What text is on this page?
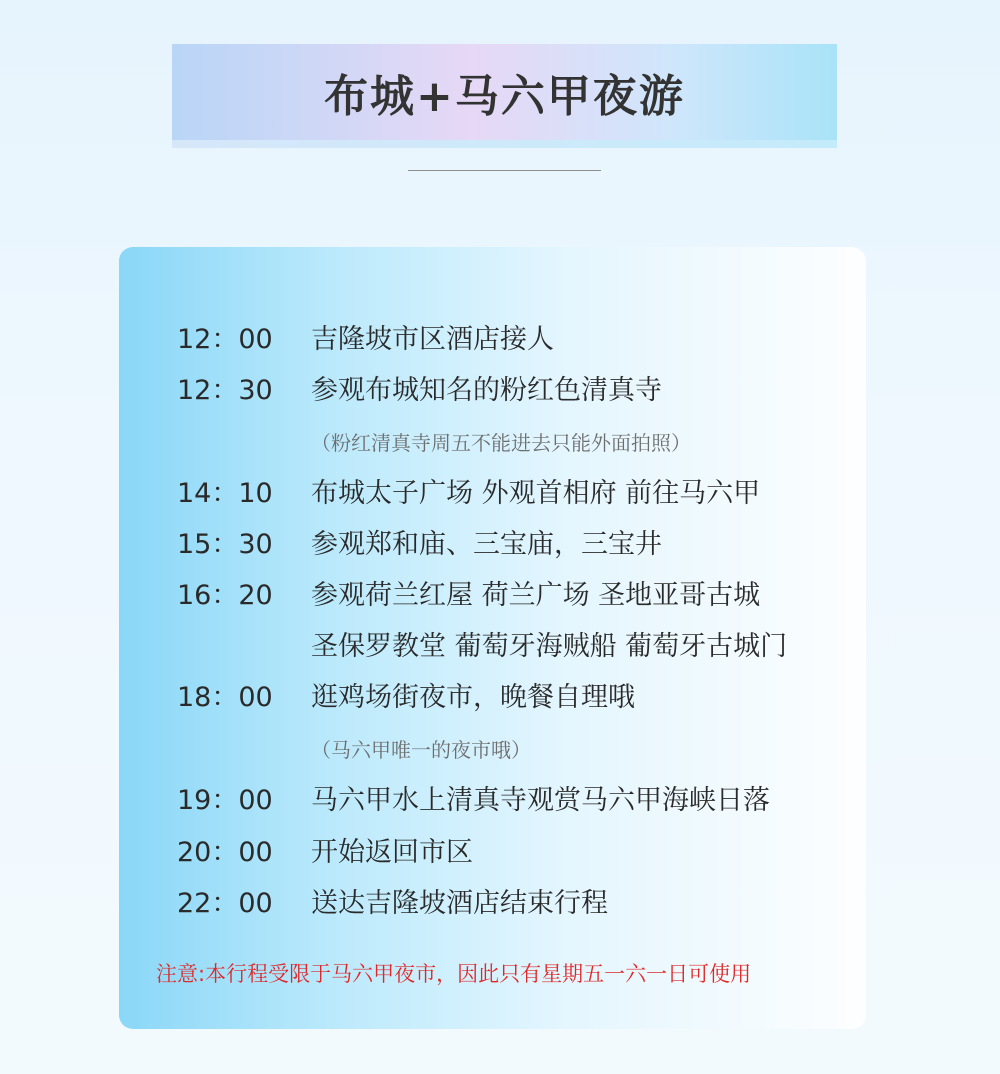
布城+马六甲夜游
12：00 吉隆坡市区酒店接人
12：30 参观布城知名的粉红色清真寺
（粉红清真寺周五不能进去只能外面拍照）
14：10 布城太子广场 外观首相府 前往马六甲
15：30 参观郑和庙、三宝庙，三宝井
16：20 参观荷兰红屋 荷兰广场 圣地亚哥古城
圣保罗教堂 葡萄牙海贼船 葡萄牙古城门
18：00 逛鸡场街夜市，晚餐自理哦
（马六甲唯一的夜市哦）
19：00 马六甲水上清真寺观赏马六甲海峡日落
20：00 开始返回市区
22：00 送达吉隆坡酒店结束行程
注意:本行程受限于马六甲夜市，因此只有星期五一六一日可使用
